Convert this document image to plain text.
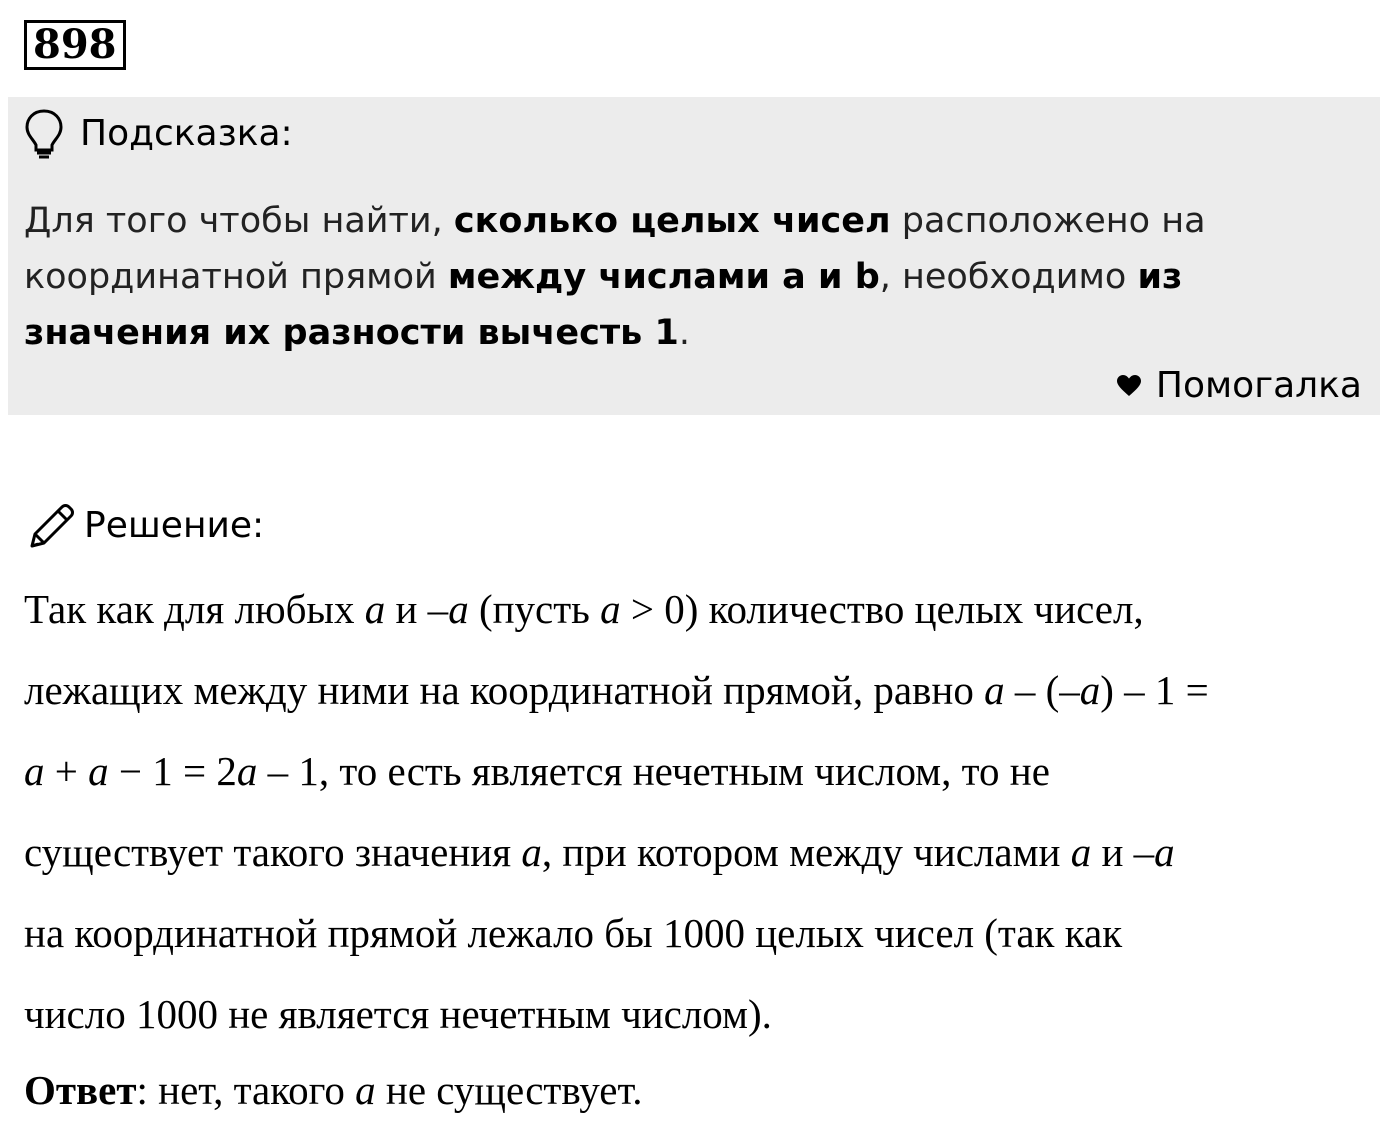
898
Подсказка:
Для того чтобы найти, сколько целых чисел расположено на
координатной прямой между числами a и b, необходимо из
значения их разности вычесть 1.
Помогалка
Решение:
Так как для любых a и –a (пусть a > 0) количество целых чисел,
лежащих между ними на координатной прямой, равно a – (–a) – 1 =
a + a − 1 = 2a – 1, то есть является нечетным числом, то не
существует такого значения a, при котором между числами a и –a
на координатной прямой лежало бы 1000 целых чисел (так как
число 1000 не является нечетным числом).
Ответ: нет, такого a не существует.
